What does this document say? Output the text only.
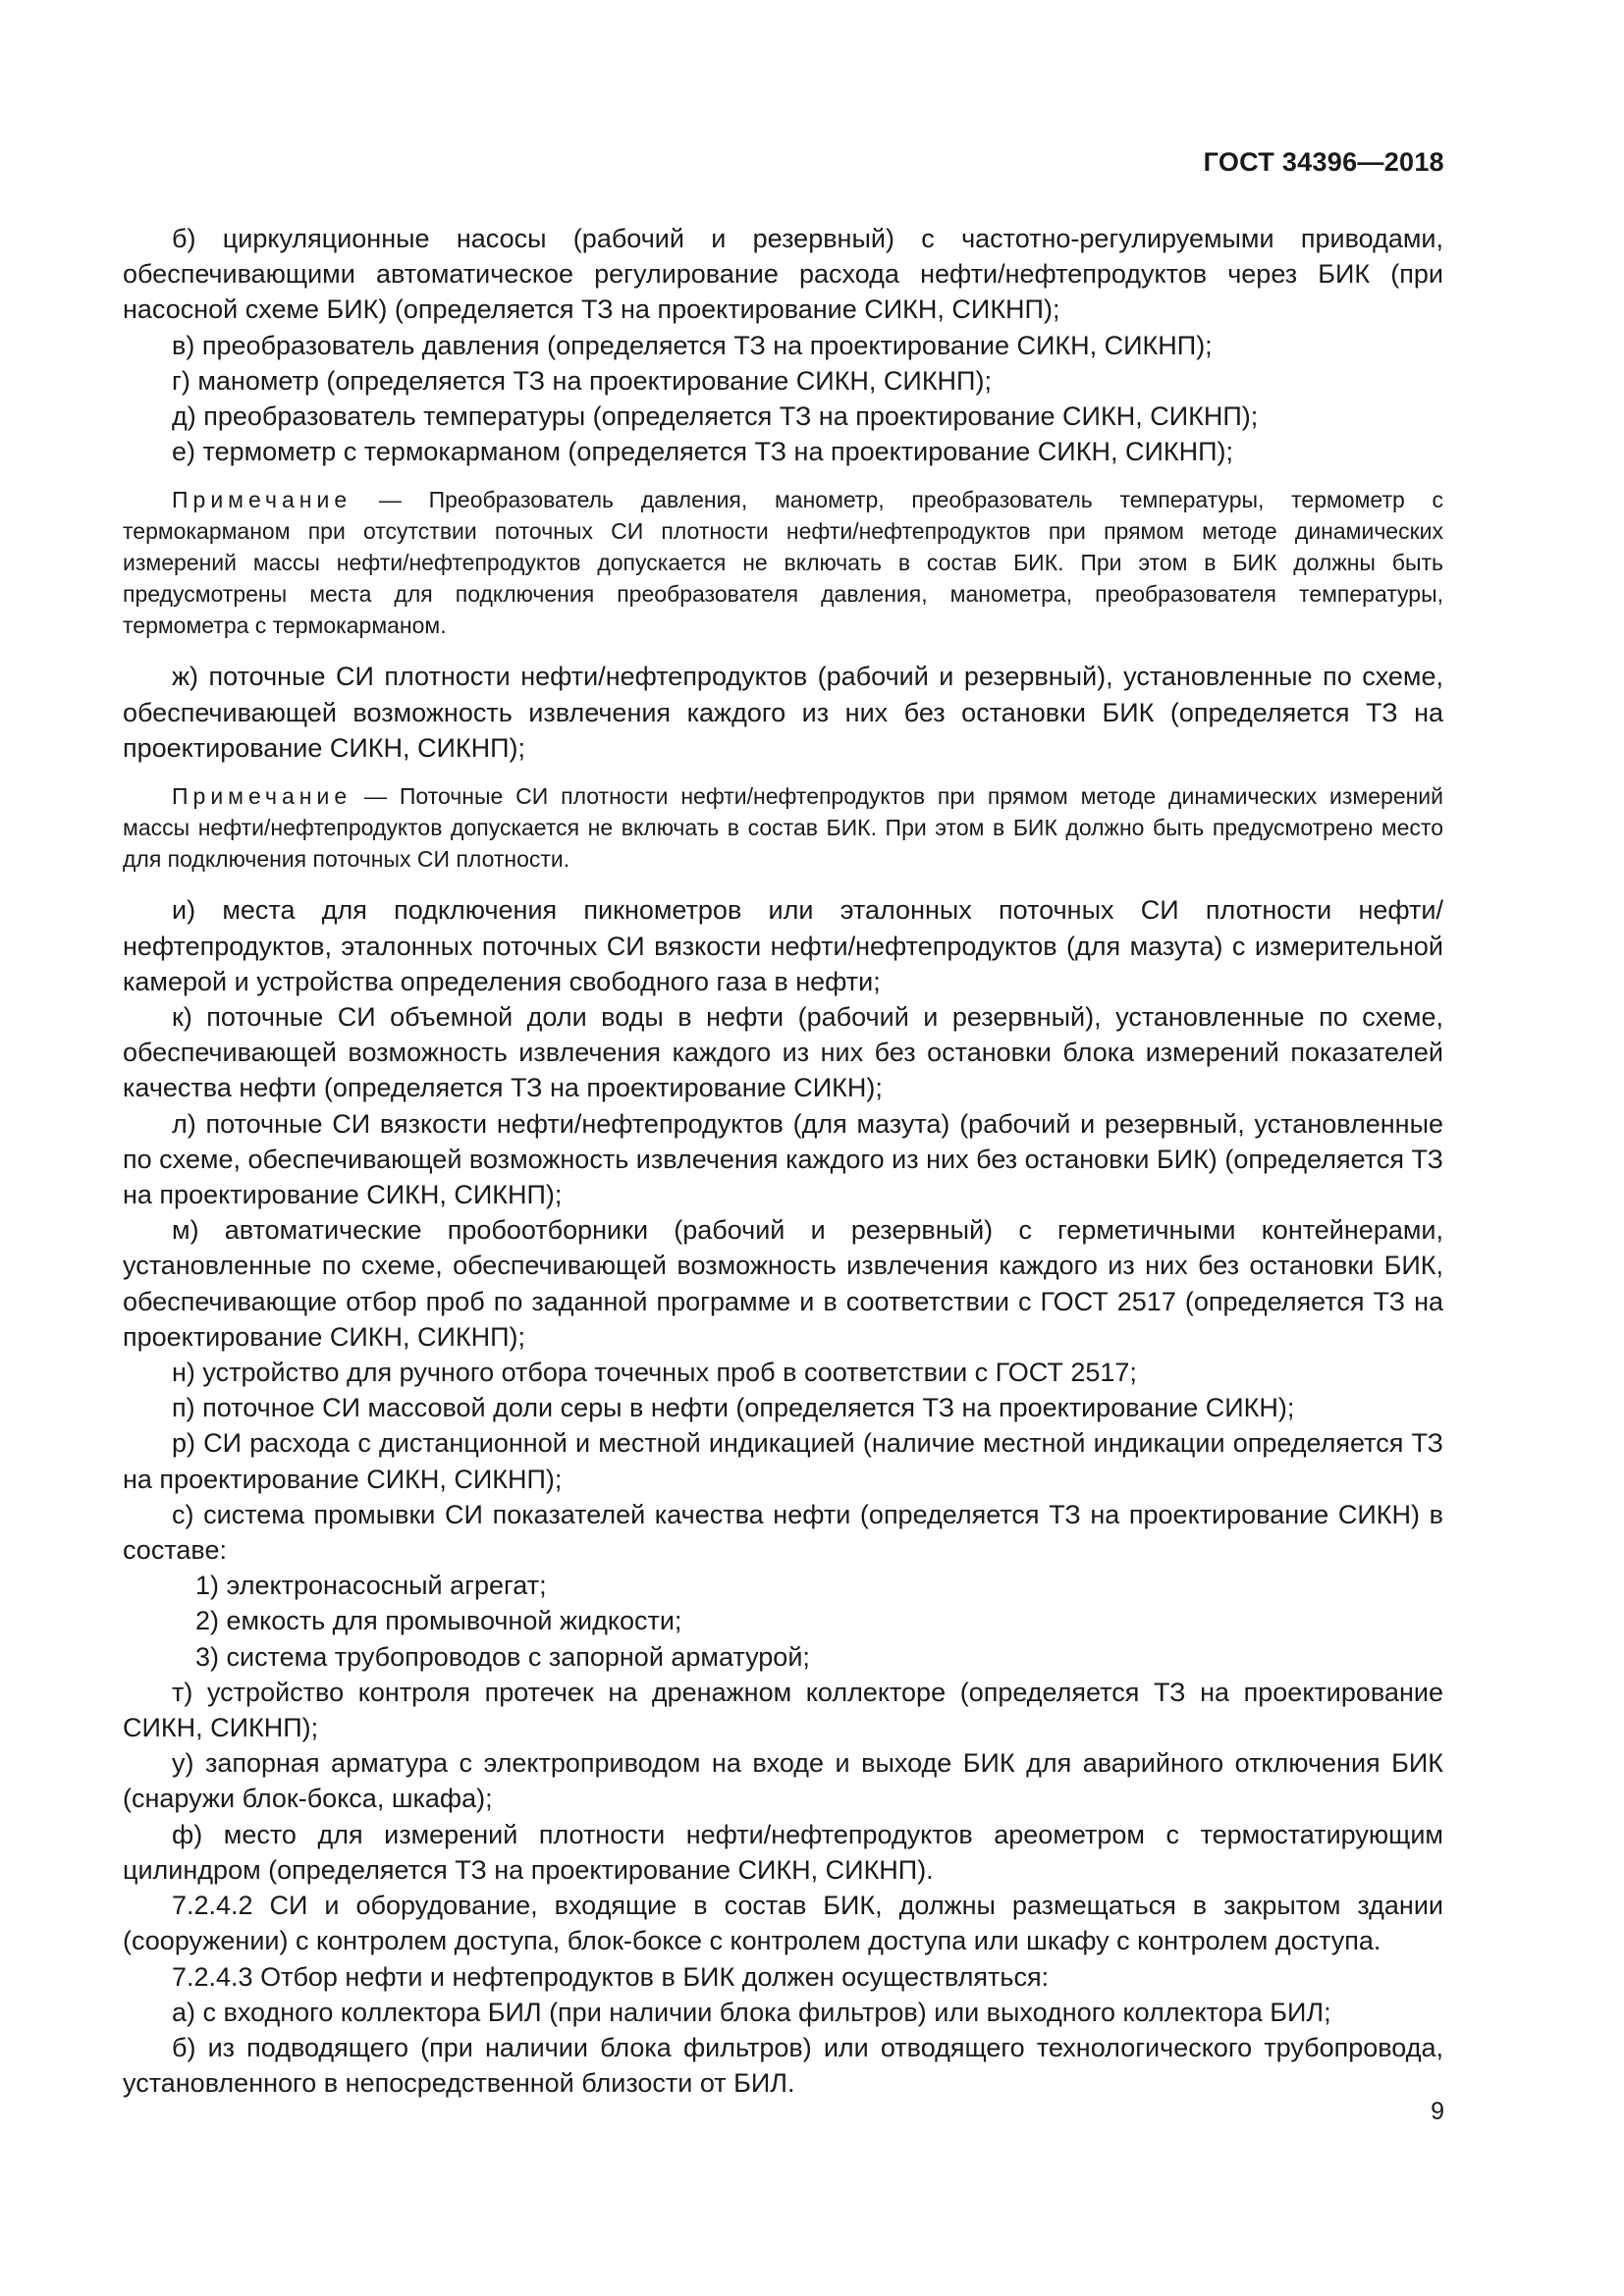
ГОСТ 34396—2018

б) циркуляционные насосы (рабочий и резервный) с частотно-регулируемыми приводами, обеспечивающими автоматическое регулирование расхода нефти/нефтепродуктов через БИК (при насосной схеме БИК) (определяется ТЗ на проектирование СИКН, СИКНП);

в) преобразователь давления (определяется ТЗ на проектирование СИКН, СИКНП);

г) манометр (определяется ТЗ на проектирование СИКН, СИКНП);

д) преобразователь температуры (определяется ТЗ на проектирование СИКН, СИКНП);

е) термометр с термокарманом (определяется ТЗ на проектирование СИКН, СИКНП);

Примечание — Преобразователь давления, манометр, преобразователь температуры, термометр с термокарманом при отсутствии поточных СИ плотности нефти/нефтепродуктов при прямом методе динамических измерений массы нефти/нефтепродуктов допускается не включать в состав БИК. При этом в БИК должны быть предусмотрены места для подключения преобразователя давления, манометра, преобразователя температуры, термометра с термокарманом.

ж) поточные СИ плотности нефти/нефтепродуктов (рабочий и резервный), установленные по схеме, обеспечивающей возможность извлечения каждого из них без остановки БИК (определяется ТЗ на проектирование СИКН, СИКНП);

Примечание — Поточные СИ плотности нефти/нефтепродуктов при прямом методе динамических измерений массы нефти/нефтепродуктов допускается не включать в состав БИК. При этом в БИК должно быть предусмотрено место для подключения поточных СИ плотности.

и) места для подключения пикнометров или эталонных поточных СИ плотности нефти/нефтепродуктов, эталонных поточных СИ вязкости нефти/нефтепродуктов (для мазута) с измерительной камерой и устройства определения свободного газа в нефти;

к) поточные СИ объемной доли воды в нефти (рабочий и резервный), установленные по схеме, обеспечивающей возможность извлечения каждого из них без остановки блока измерений показателей качества нефти (определяется ТЗ на проектирование СИКН);

л) поточные СИ вязкости нефти/нефтепродуктов (для мазута) (рабочий и резервный, установленные по схеме, обеспечивающей возможность извлечения каждого из них без остановки БИК) (определяется ТЗ на проектирование СИКН, СИКНП);

м) автоматические пробоотборники (рабочий и резервный) с герметичными контейнерами, установленные по схеме, обеспечивающей возможность извлечения каждого из них без остановки БИК, обеспечивающие отбор проб по заданной программе и в соответствии с ГОСТ 2517 (определяется ТЗ на проектирование СИКН, СИКНП);

н) устройство для ручного отбора точечных проб в соответствии с ГОСТ 2517;

п) поточное СИ массовой доли серы в нефти (определяется ТЗ на проектирование СИКН);

р) СИ расхода с дистанционной и местной индикацией (наличие местной индикации определяется ТЗ на проектирование СИКН, СИКНП);

с) система промывки СИ показателей качества нефти (определяется ТЗ на проектирование СИКН) в составе:

1) электронасосный агрегат;

2) емкость для промывочной жидкости;

3) система трубопроводов с запорной арматурой;

т) устройство контроля протечек на дренажном коллекторе (определяется ТЗ на проектирование СИКН, СИКНП);

у) запорная арматура с электроприводом на входе и выходе БИК для аварийного отключения БИК (снаружи блок-бокса, шкафа);

ф) место для измерений плотности нефти/нефтепродуктов ареометром с термостатирующим цилиндром (определяется ТЗ на проектирование СИКН, СИКНП).

7.2.4.2 СИ и оборудование, входящие в состав БИК, должны размещаться в закрытом здании (сооружении) с контролем доступа, блок-боксе с контролем доступа или шкафу с контролем доступа.

7.2.4.3 Отбор нефти и нефтепродуктов в БИК должен осуществляться:

а) с входного коллектора БИЛ (при наличии блока фильтров) или выходного коллектора БИЛ;

б) из подводящего (при наличии блока фильтров) или отводящего технологического трубопровода, установленного в непосредственной близости от БИЛ.

9
